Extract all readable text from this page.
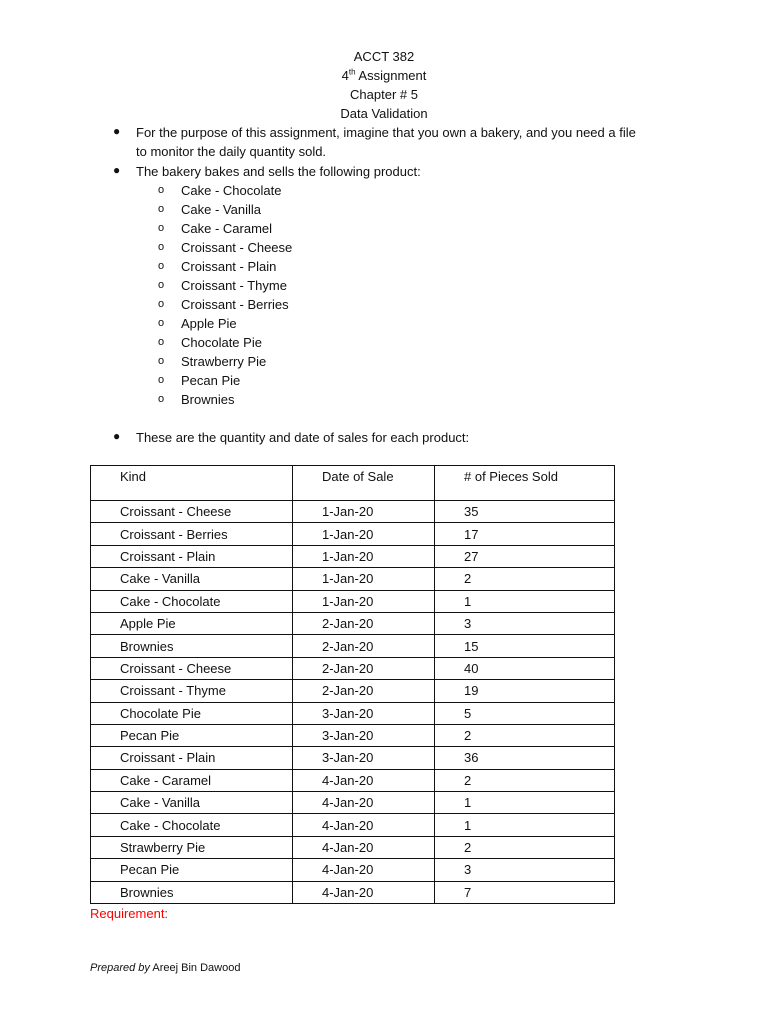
ACCT 382
4th Assignment
Chapter # 5
Data Validation
● For the purpose of this assignment, imagine that you own a bakery, and you need a file
to monitor the daily quantity sold.
● The bakery bakes and sells the following product:
o Cake - Chocolate
o Cake - Vanilla
o Cake - Caramel
o Croissant - Cheese
o Croissant - Plain
o Croissant - Thyme
o Croissant - Berries
o Apple Pie
o Chocolate Pie
o Strawberry Pie
o Pecan Pie
o Brownies
● These are the quantity and date of sales for each product:
Kind	Date of Sale	# of Pieces Sold
Croissant - Cheese	1-Jan-20	35
Croissant - Berries	1-Jan-20	17
Croissant - Plain	1-Jan-20	27
Cake - Vanilla	1-Jan-20	2
Cake - Chocolate	1-Jan-20	1
Apple Pie	2-Jan-20	3
Brownies	2-Jan-20	15
Croissant - Cheese	2-Jan-20	40
Croissant - Thyme	2-Jan-20	19
Chocolate Pie	3-Jan-20	5
Pecan Pie	3-Jan-20	2
Croissant - Plain	3-Jan-20	36
Cake - Caramel	4-Jan-20	2
Cake - Vanilla	4-Jan-20	1
Cake - Chocolate	4-Jan-20	1
Strawberry Pie	4-Jan-20	2
Pecan Pie	4-Jan-20	3
Brownies	4-Jan-20	7
Requirement:
Prepared by Areej Bin Dawood
